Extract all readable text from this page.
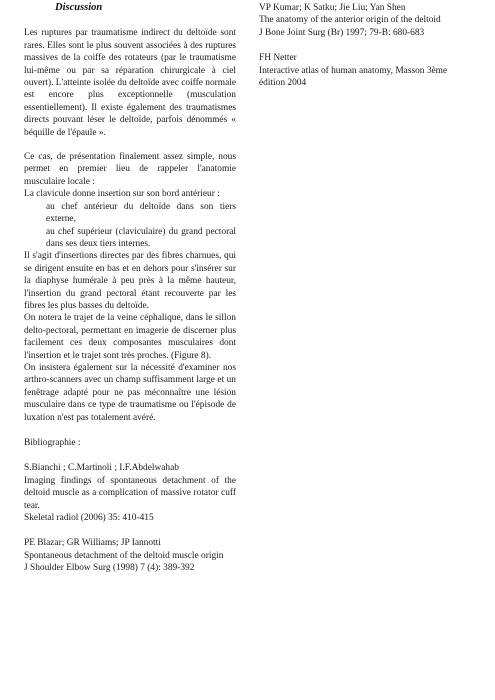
Discussion

Les ruptures par traumatisme indirect du deltoïde sont rares. Elles sont le plus souvent associées à des ruptures massives de la coiffe des rotateurs (par le traumatisme lui-même ou par sa réparation chirurgicale à ciel ouvert). L'atteinte isolée du deltoïde avec coiffe normale est encore plus exceptionnelle (musculation essentiellement). Il existe également des traumatismes directs pouvant léser le deltoïde, parfois dénommés « béquille de l'épaule ».

Ce cas, de présentation finalement assez simple, nous permet en premier lieu de rappeler l'anatomie musculaire locale :

La clavicule donne insertion sur son bord antérieur :

au chef antérieur du deltoïde dans son tiers externe,

au chef supérieur (claviculaire) du grand pectoral dans ses deux tiers internes.

Il s'agit d'insertions directes par des fibres charnues, qui se dirigent ensuite en bas et en dehors pour s'insérer sur la diaphyse humérale à peu près à la même hauteur, l'insertion du grand pectoral étant recouverte par les fibres les plus basses du deltoïde.

On notera le trajet de la veine céphalique, dans le sillon delto-pectoral, permettant en imagerie de discerner plus facilement ces deux composantes musculaires dont l'insertion et le trajet sont très proches. (Figure 8).

On insistera également sur la nécessité d'examiner nos arthro-scanners avec un champ suffisamment large et un fenêtrage adapté pour ne pas méconnaître une lésion musculaire dans ce type de traumatisme ou l'épisode de luxation n'est pas totalement avéré.

Bibliographie :

S.Bianchi ; C.Martinoli ; I.F.Abdelwahab

Imaging findings of spontaneous detachment of the deltoid muscle as a complication of massive rotator cuff tear.

Skeletal radiol (2006) 35: 410-415

PE Blazar; GR Williams; JP Iannotti

Spontaneous detachment of the deltoid muscle origin

J Shoulder Elbow Surg (1998) 7 (4): 389-392

VP Kumar; K Satku; Jie Liu; Yan Shen

The anatomy of the anterior origin of the deltoid

J Bone Joint Surg (Br) 1997; 79-B: 680-683

FH Netter

Interactive atlas of human anatomy, Masson 3ème édition 2004
